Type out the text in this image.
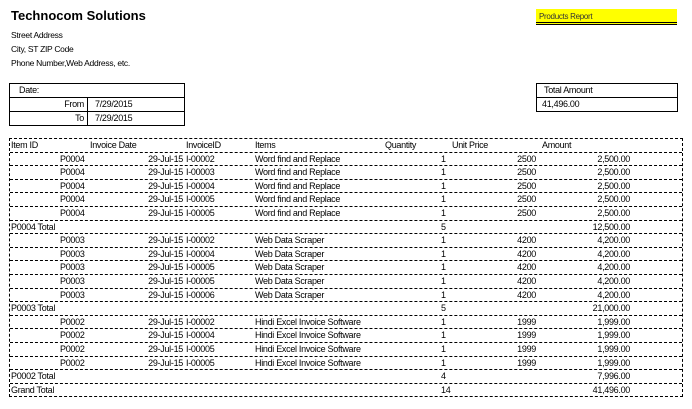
Technocom Solutions
Street Address
City, ST ZIP Code
Phone Number,Web Address, etc.
Products Report
Date:
From 7/29/2015
To 7/29/2015
Total Amount
41,496.00
Item ID	Invoice Date	InvoiceID	Items	Quantity	Unit Price	Amount
P0004	29-Jul-15 I-00002	Word find and Replace	1	2500	2,500.00
P0004	29-Jul-15 I-00003	Word find and Replace	1	2500	2,500.00
P0004	29-Jul-15 I-00004	Word find and Replace	1	2500	2,500.00
P0004	29-Jul-15 I-00005	Word find and Replace	1	2500	2,500.00
P0004	29-Jul-15 I-00005	Word find and Replace	1	2500	2,500.00
P0004 Total	5	12,500.00
P0003	29-Jul-15 I-00002	Web Data Scraper	1	4200	4,200.00
P0003	29-Jul-15 I-00004	Web Data Scraper	1	4200	4,200.00
P0003	29-Jul-15 I-00005	Web Data Scraper	1	4200	4,200.00
P0003	29-Jul-15 I-00005	Web Data Scraper	1	4200	4,200.00
P0003	29-Jul-15 I-00006	Web Data Scraper	1	4200	4,200.00
P0003 Total	5	21,000.00
P0002	29-Jul-15 I-00002	Hindi Excel Invoice Software	1	1999	1,999.00
P0002	29-Jul-15 I-00004	Hindi Excel Invoice Software	1	1999	1,999.00
P0002	29-Jul-15 I-00005	Hindi Excel Invoice Software	1	1999	1,999.00
P0002	29-Jul-15 I-00005	Hindi Excel Invoice Software	1	1999	1,999.00
P0002 Total	4	7,996.00
Grand Total	14	41,496.00
